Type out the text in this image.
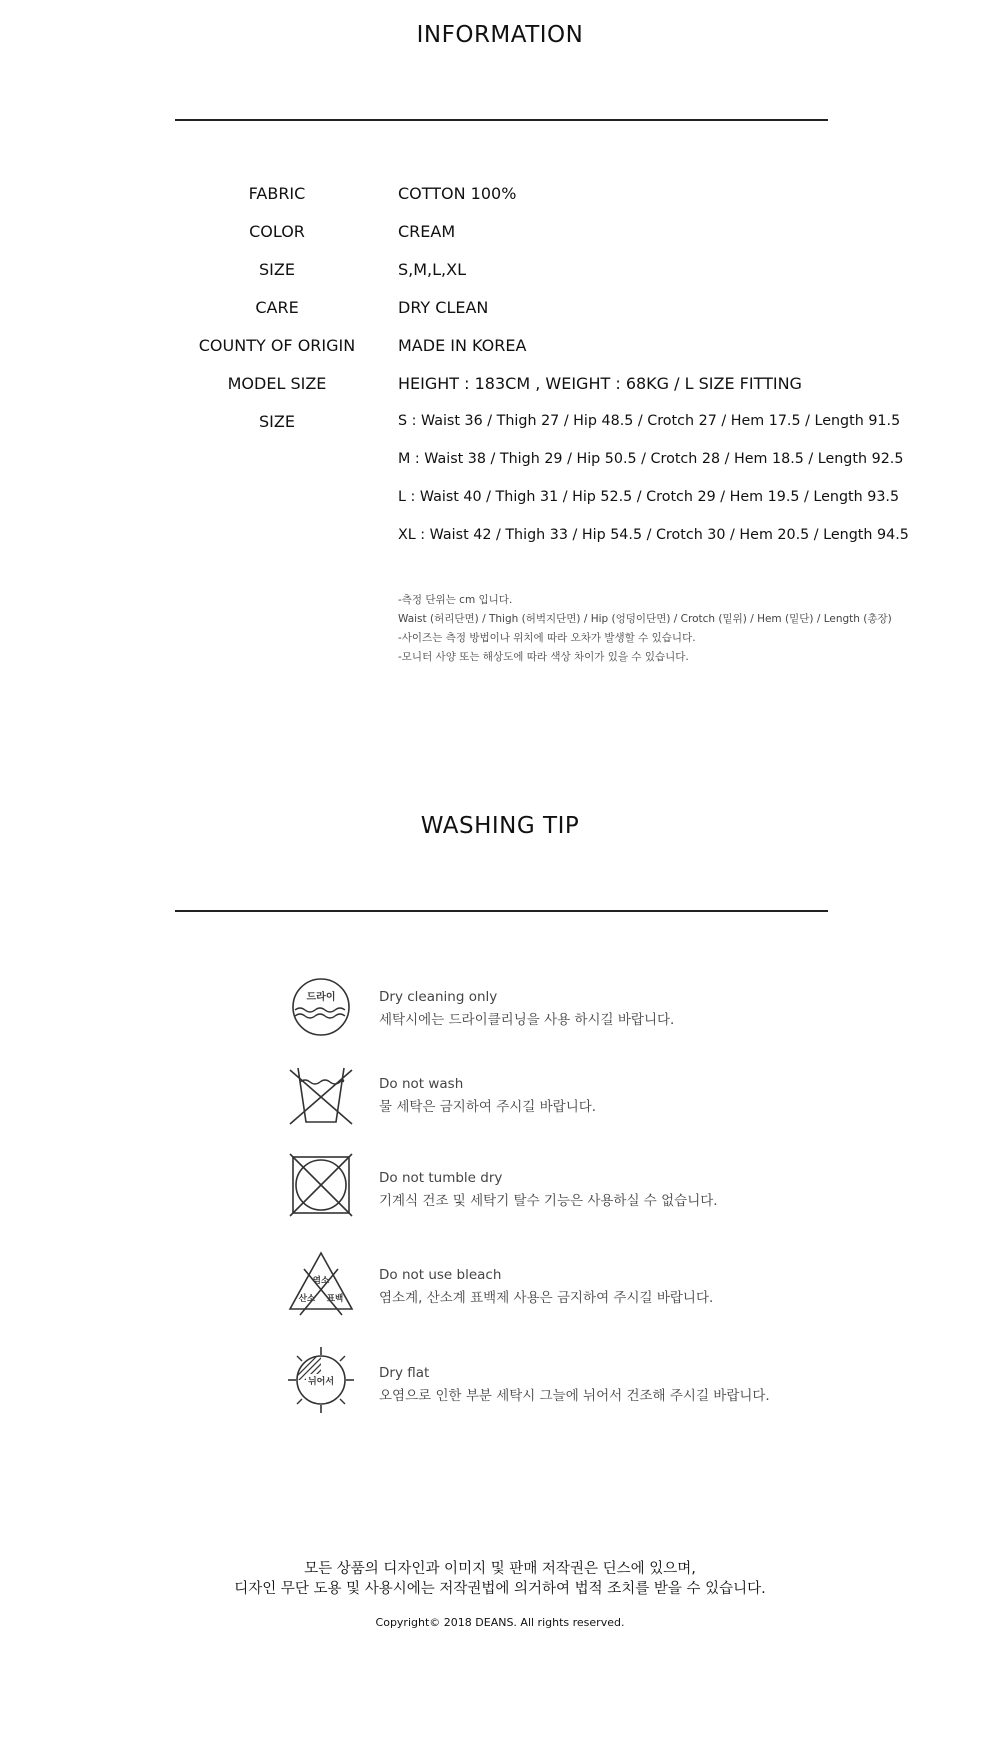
INFORMATION
FABRIC	COTTON 100%
COLOR	CREAM
SIZE	S,M,L,XL
CARE	DRY CLEAN
COUNTY OF ORIGIN	MADE IN KOREA
MODEL SIZE	HEIGHT : 183CM , WEIGHT : 68KG / L SIZE FITTING
SIZE	S : Waist 36 / Thigh 27 / Hip 48.5 / Crotch 27 / Hem 17.5 / Length 91.5
M : Waist 38 / Thigh 29 / Hip 50.5 / Crotch 28 / Hem 18.5 / Length 92.5
L : Waist 40 / Thigh 31 / Hip 52.5 / Crotch 29 / Hem 19.5 / Length 93.5
XL : Waist 42 / Thigh 33 / Hip 54.5 / Crotch 30 / Hem 20.5 / Length 94.5
-측정 단위는 cm 입니다.
Waist (허리단면) / Thigh (허벅지단면) / Hip (엉덩이단면) / Crotch (밑위) / Hem (밑단) / Length (총장)
-사이즈는 측정 방법이나 위치에 따라 오차가 발생할 수 있습니다.
-모니터 사양 또는 해상도에 따라 색상 차이가 있을 수 있습니다.
WASHING TIP
드라이	Dry cleaning only
세탁시에는 드라이클리닝을 사용 하시길 바랍니다.
Do not wash
물 세탁은 금지하여 주시길 바랍니다.
Do not tumble dry
기계식 건조 및 세탁기 탈수 기능은 사용하실 수 없습니다.
염소
산소 표백
Do not use bleach
염소계, 산소계 표백제 사용은 금지하여 주시길 바랍니다.
뉘어서
Dry flat
오염으로 인한 부분 세탁시 그늘에 뉘어서 건조해 주시길 바랍니다.
모든 상품의 디자인과 이미지 및 판매 저작권은 딘스에 있으며,
디자인 무단 도용 및 사용시에는 저작권법에 의거하여 법적 조치를 받을 수 있습니다.
Copyright© 2018 DEANS. All rights reserved.
